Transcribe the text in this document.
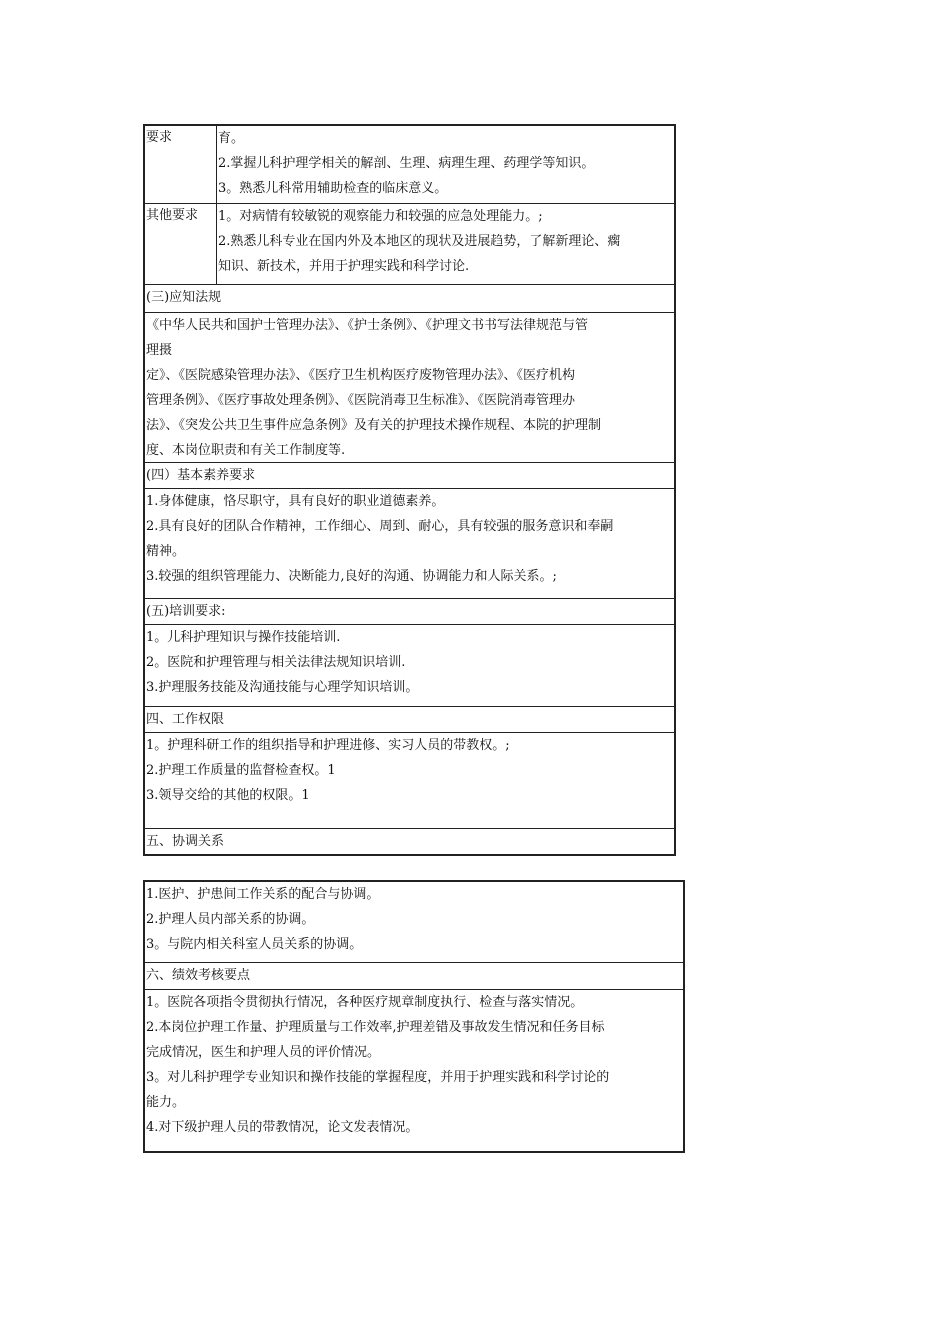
要求	育。
2.掌握儿科护理学相关的解剖、生理、病理生理、药理学等知识。
3。熟悉儿科常用辅助检查的临床意义。
其他要求	1。对病情有较敏锐的观察能力和较强的应急处理能力。;
2.熟悉儿科专业在国内外及本地区的现状及进展趋势，了解新理论、瘸
知识、新技术，并用于护理实践和科学讨论.
(三)应知法规
《中华人民共和国护士管理办法》、《护士条例》、《护理文书书写法律规范与管
理摄
定》、《医院感染管理办法》、《医疗卫生机构医疗废物管理办法》、《医疗机构
管理条例》、《医疗事故处理条例》、《医院消毒卫生标准》、《医院消毒管理办
法》、《突发公共卫生事件应急条例》及有关的护理技术操作规程、本院的护理制
度、本岗位职责和有关工作制度等.
(四）基本素养要求
1.身体健康，恪尽职守，具有良好的职业道德素养。
2.具有良好的团队合作精神，工作细心、周到、耐心，具有较强的服务意识和奉嗣
精神。
3.较强的组织管理能力、决断能力,良好的沟通、协调能力和人际关系。;
(五)培训要求:
1。儿科护理知识与操作技能培训.
2。医院和护理管理与相关法律法规知识培训.
3.护理服务技能及沟通技能与心理学知识培训。
四、工作权限
1。护理科研工作的组织指导和护理进修、实习人员的带教权。;
2.护理工作质量的监督检查权。1
3.领导交给的其他的权限。1
五、协调关系
1.医护、护患间工作关系的配合与协调。
2.护理人员内部关系的协调。
3。与院内相关科室人员关系的协调。
六、绩效考核要点
1。医院各项指令贯彻执行情况，各种医疗规章制度执行、检查与落实情况。
2.本岗位护理工作量、护理质量与工作效率,护理差错及事故发生情况和任务目标
完成情况，医生和护理人员的评价情况。
3。对儿科护理学专业知识和操作技能的掌握程度，并用于护理实践和科学讨论的
能力。
4.对下级护理人员的带教情况，论文发表情况。
